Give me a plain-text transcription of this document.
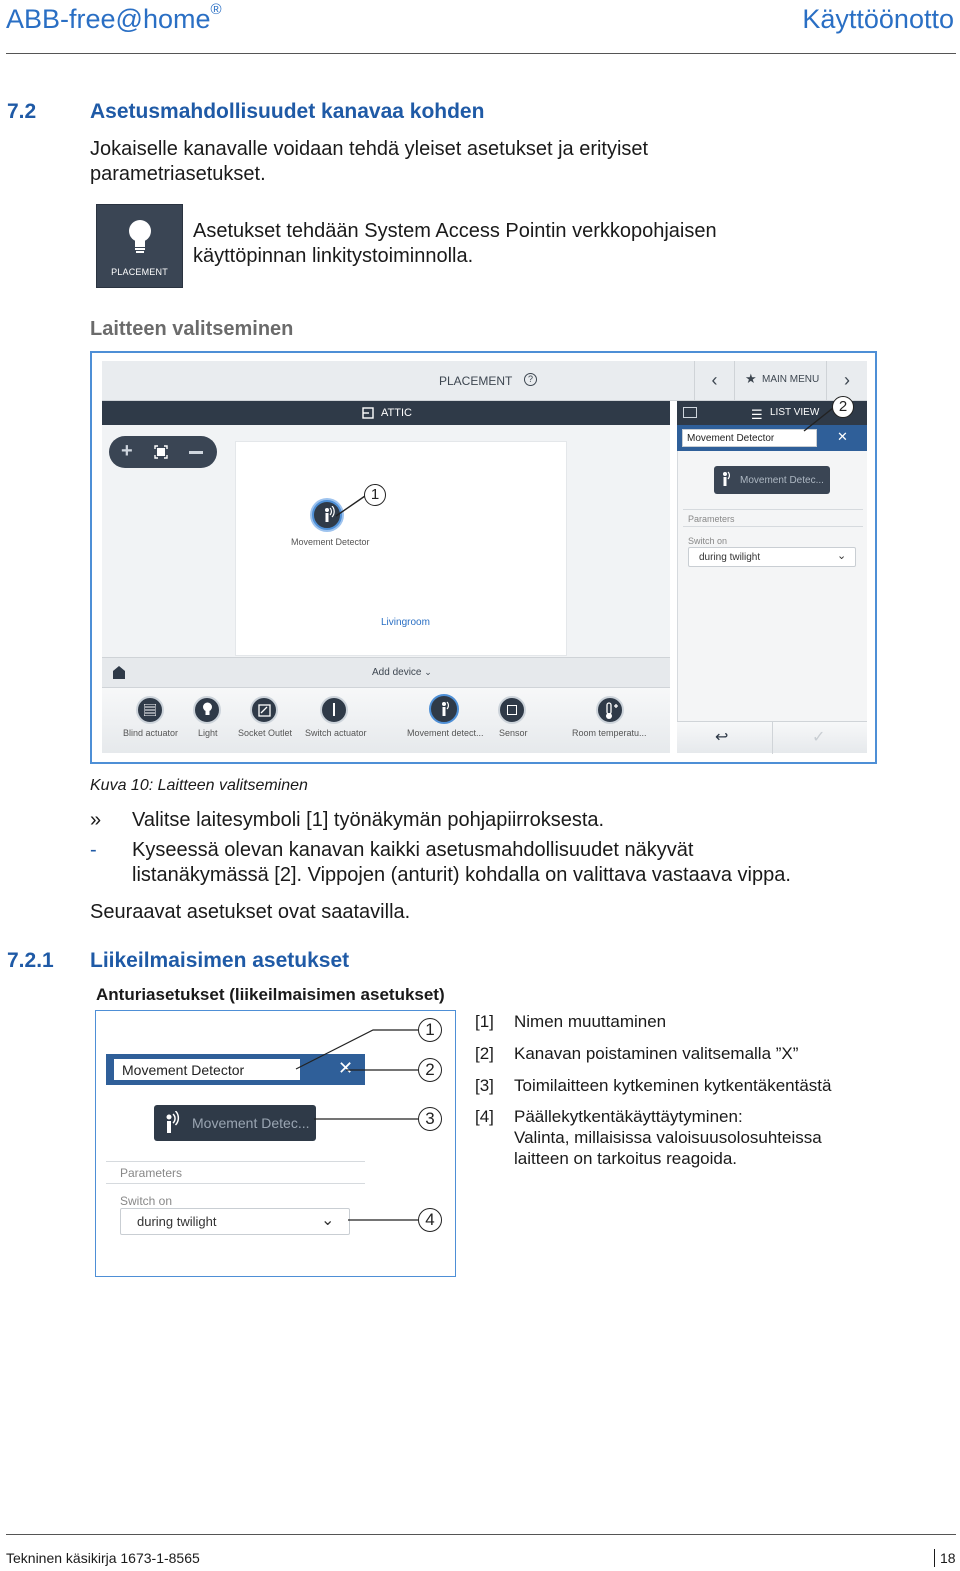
ABB-free@home®	Käyttöönotto
7.2	Asetusmahdollisuudet kanavaa kohden
Jokaiselle kanavalle voidaan tehdä yleiset asetukset ja erityiset parametriasetukset.
PLACEMENT
Asetukset tehdään System Access Pointin verkkopohjaisen käyttöpinnan linkitystoiminnolla.
Laitteen valitseminen
PLACEMENT	?	‹	★ MAIN MENU	›
ATTIC
+
Movement Detector
Livingroom
Add device ⌄
Blind actuator Light Socket Outlet Switch actuator	Movement detect... Sensor	Room temperatu...
☰ LIST VIEW
Movement Detector	✕
Movement Detec...
Parameters
Switch on
during twilight	⌄
↩	✓
1
2
Kuva 10: Laitteen valitseminen
» Valitse laitesymboli [1] työnäkymän pohjapiirroksesta.
- Kyseessä olevan kanavan kaikki asetusmahdollisuudet näkyvät
listanäkymässä [2]. Vippojen (anturit) kohdalla on valittava vastaava vippa.
Seuraavat asetukset ovat saatavilla.
7.2.1 Liikeilmaisimen asetukset
Anturiasetukset (liikeilmaisimen asetukset)
Movement Detector	✕
Movement Detec...
Parameters
Switch on
during twilight	⌄
1
2
3
4
[1] Nimen muuttaminen
[2] Kanavan poistaminen valitsemalla ”X”
[3] Toimilaitteen kytkeminen kytkentäkentästä
[4] Päällekytkentäkäyttäytyminen:
Valinta, millaisissa valoisuusolosuhteissa
laitteen on tarkoitus reagoida.
Tekninen käsikirja 1673-1-8565	18
